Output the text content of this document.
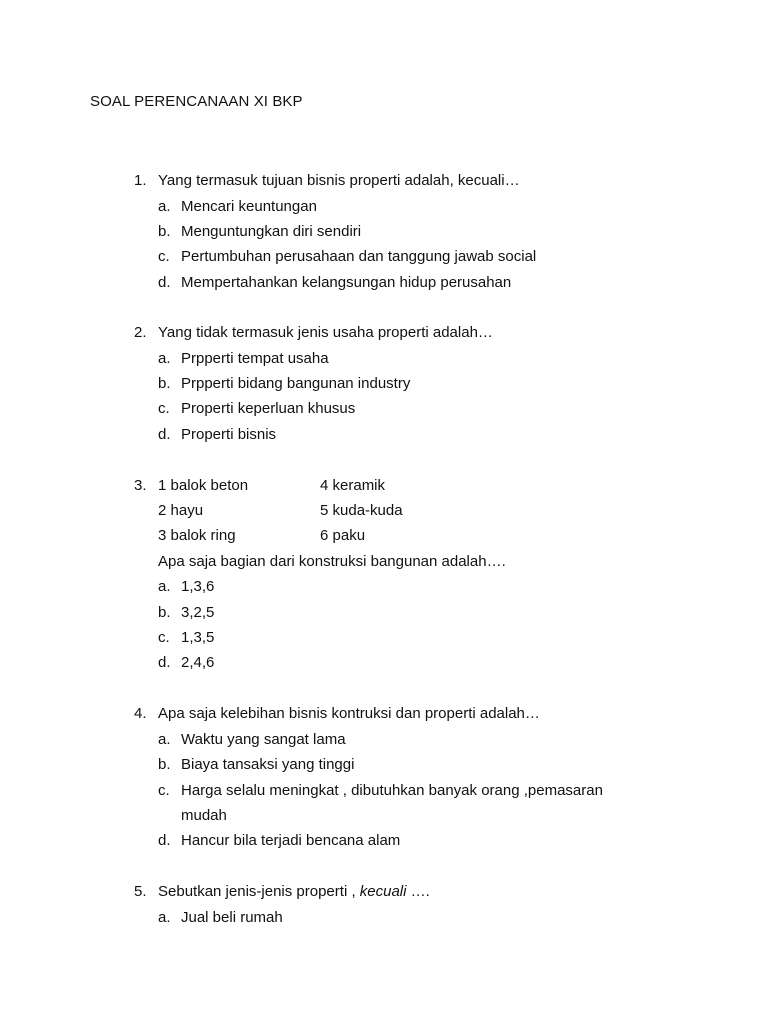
SOAL PERENCANAAN XI BKP
1. Yang termasuk tujuan bisnis properti adalah, kecuali…
a. Mencari keuntungan
b. Menguntungkan diri sendiri
c. Pertumbuhan perusahaan dan tanggung jawab social
d. Mempertahankan kelangsungan hidup perusahan
2. Yang tidak termasuk jenis usaha properti adalah…
a. Prpperti tempat usaha
b. Prpperti bidang bangunan industry
c. Properti keperluan khusus
d. Properti bisnis
3. 1 balok beton	4 keramik
2 hayu	5 kuda-kuda
3 balok ring	6 paku
Apa saja bagian dari konstruksi bangunan adalah….
a. 1,3,6
b. 3,2,5
c. 1,3,5
d. 2,4,6
4. Apa saja kelebihan bisnis kontruksi dan properti adalah…
a. Waktu yang sangat lama
b. Biaya tansaksi yang tinggi
c. Harga selalu meningkat , dibutuhkan banyak orang ,pemasaran
mudah
d. Hancur bila terjadi bencana alam
5. Sebutkan jenis-jenis properti , kecuali ….
a. Jual beli rumah
